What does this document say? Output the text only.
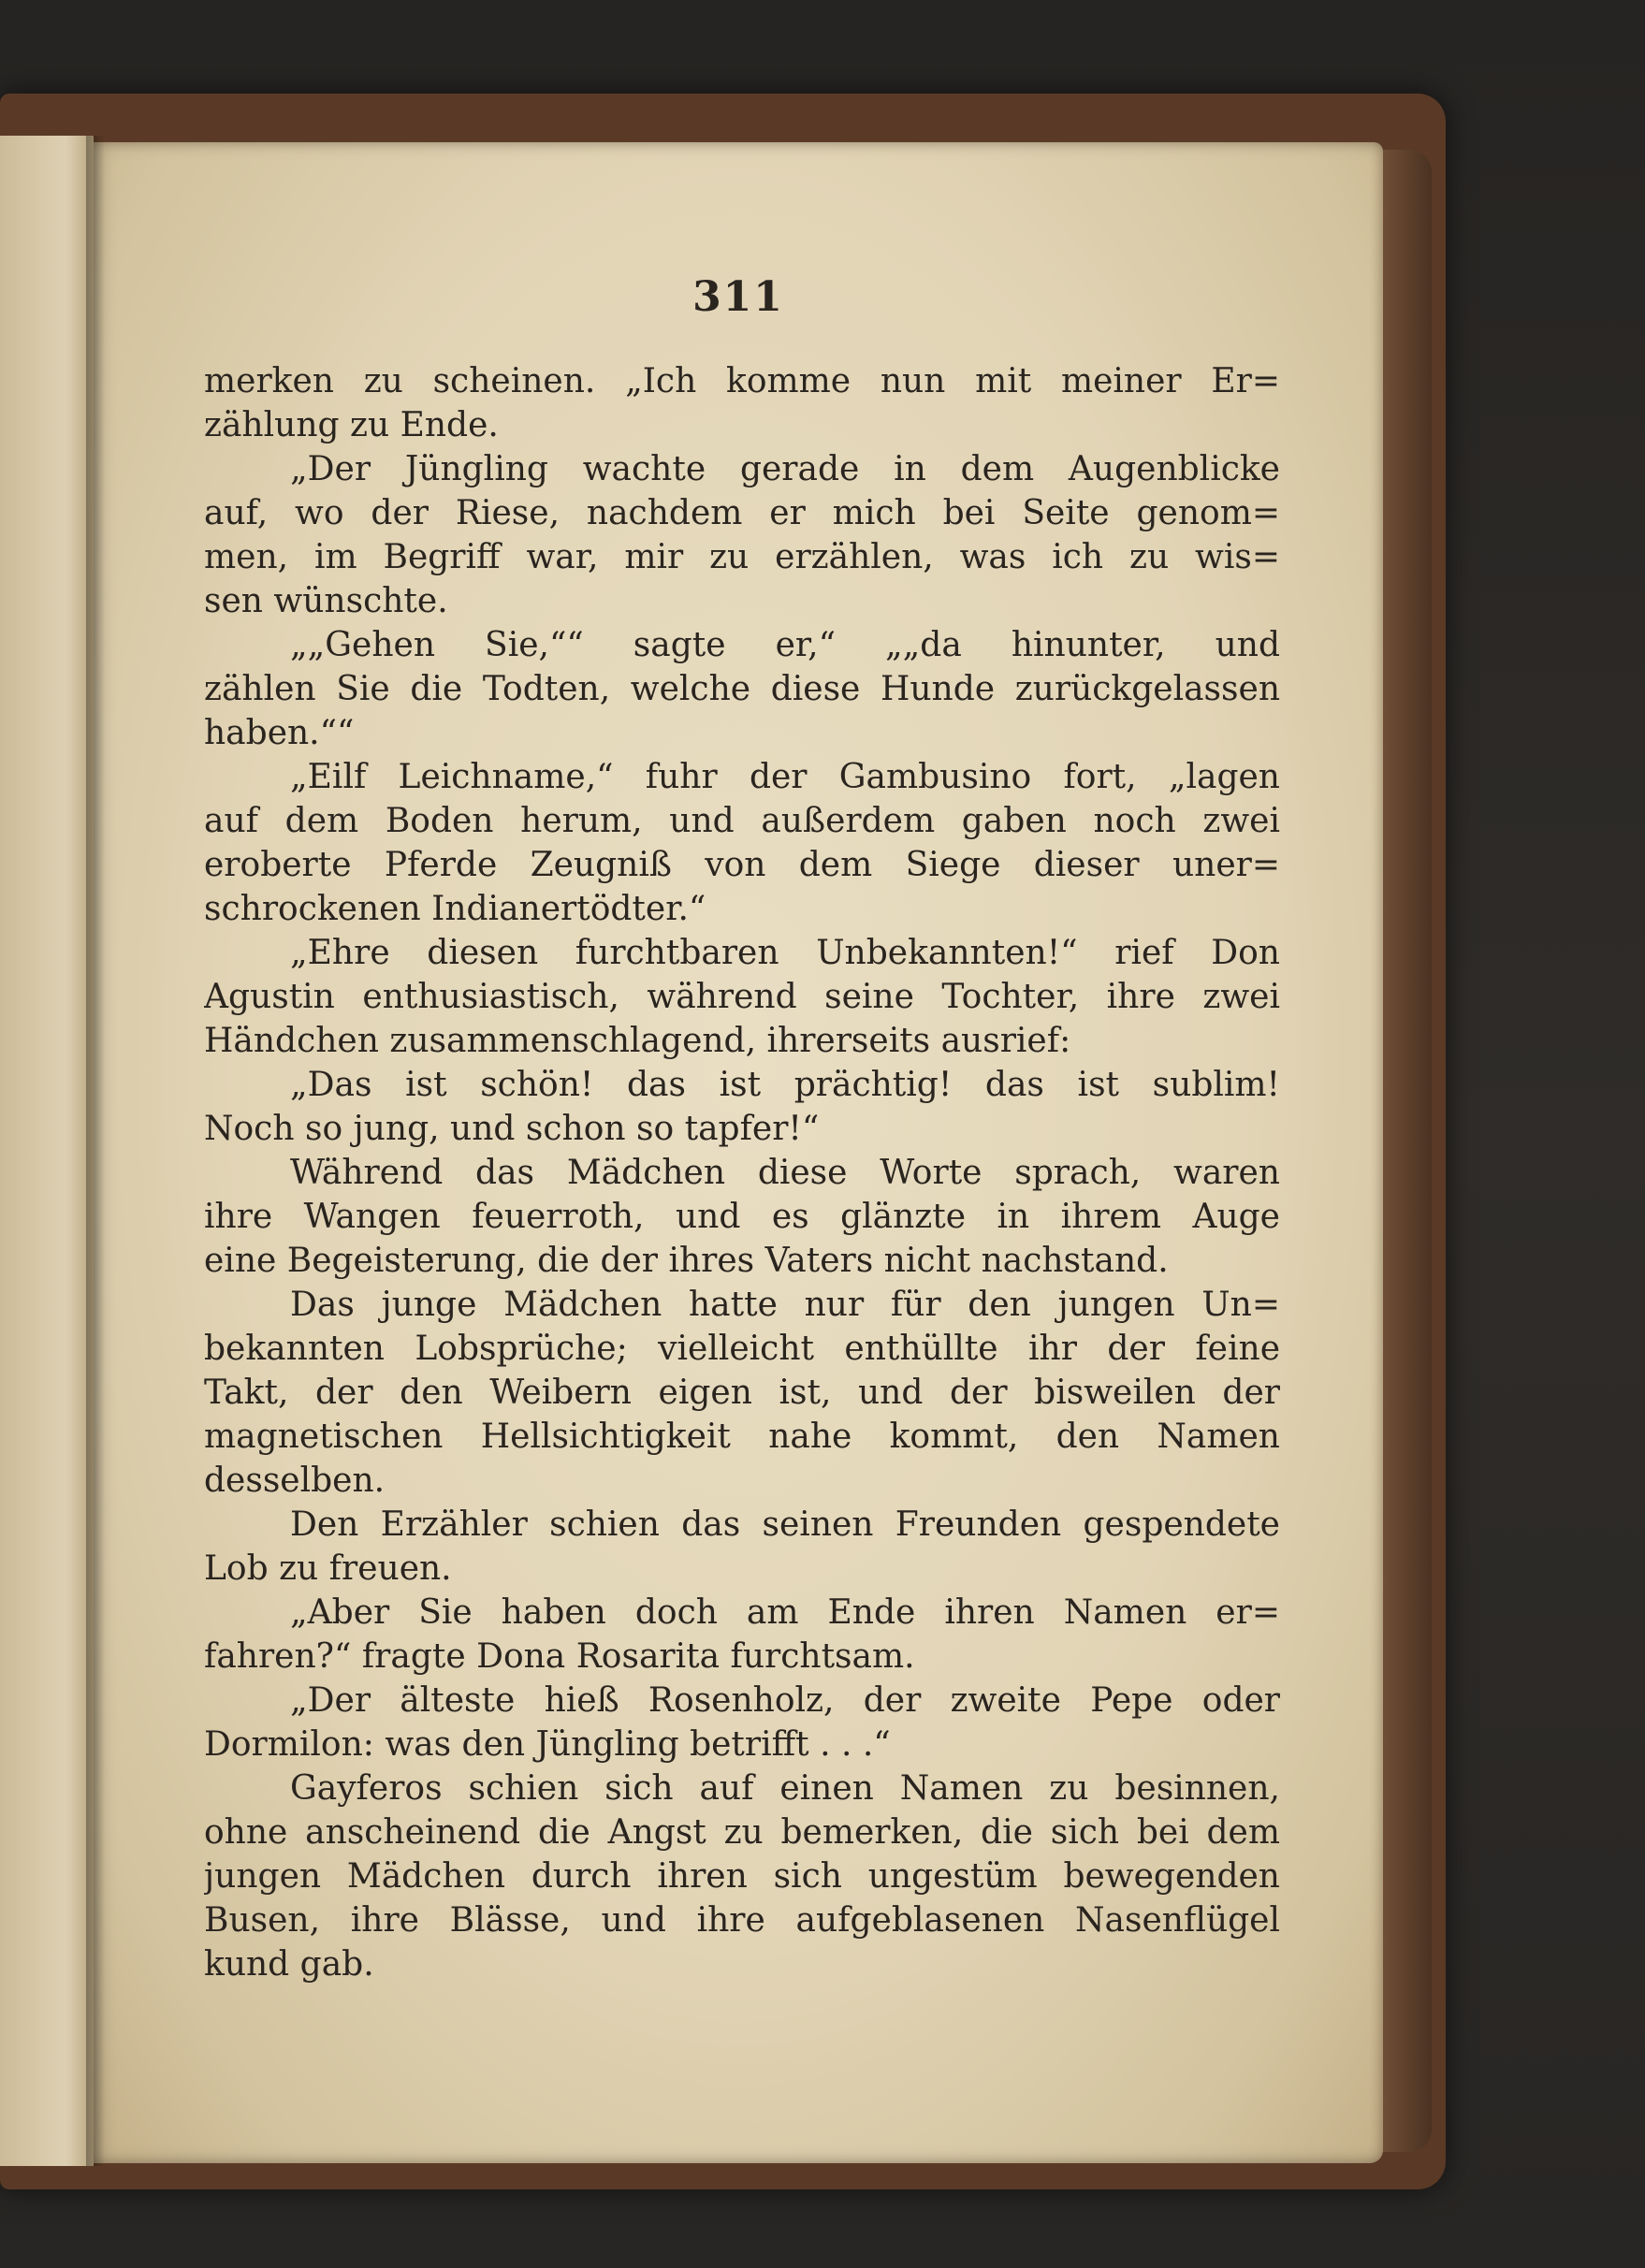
311
merken zu scheinen. „Ich komme nun mit meiner Er=
zählung zu Ende.
„Der Jüngling wachte gerade in dem Augenblicke
auf, wo der Riese, nachdem er mich bei Seite genom=
men, im Begriff war, mir zu erzählen, was ich zu wis=
sen wünschte.
„„Gehen Sie,““ sagte er,“ „„da hinunter, und
zählen Sie die Todten, welche diese Hunde zurückgelassen
haben.““
„Eilf Leichname,“ fuhr der Gambusino fort, „lagen
auf dem Boden herum, und außerdem gaben noch zwei
eroberte Pferde Zeugniß von dem Siege dieser uner=
schrockenen Indianertödter.“
„Ehre diesen furchtbaren Unbekannten!“ rief Don
Agustin enthusiastisch, während seine Tochter, ihre zwei
Händchen zusammenschlagend, ihrerseits ausrief:
„Das ist schön! das ist prächtig! das ist sublim!
Noch so jung, und schon so tapfer!“
Während das Mädchen diese Worte sprach, waren
ihre Wangen feuerroth, und es glänzte in ihrem Auge
eine Begeisterung, die der ihres Vaters nicht nachstand.
Das junge Mädchen hatte nur für den jungen Un=
bekannten Lobsprüche; vielleicht enthüllte ihr der feine
Takt, der den Weibern eigen ist, und der bisweilen der
magnetischen Hellsichtigkeit nahe kommt, den Namen
desselben.
Den Erzähler schien das seinen Freunden gespendete
Lob zu freuen.
„Aber Sie haben doch am Ende ihren Namen er=
fahren?“ fragte Dona Rosarita furchtsam.
„Der älteste hieß Rosenholz, der zweite Pepe oder
Dormilon: was den Jüngling betrifft . . .“
Gayferos schien sich auf einen Namen zu besinnen,
ohne anscheinend die Angst zu bemerken, die sich bei dem
jungen Mädchen durch ihren sich ungestüm bewegenden
Busen, ihre Blässe, und ihre aufgeblasenen Nasenflügel
kund gab.
